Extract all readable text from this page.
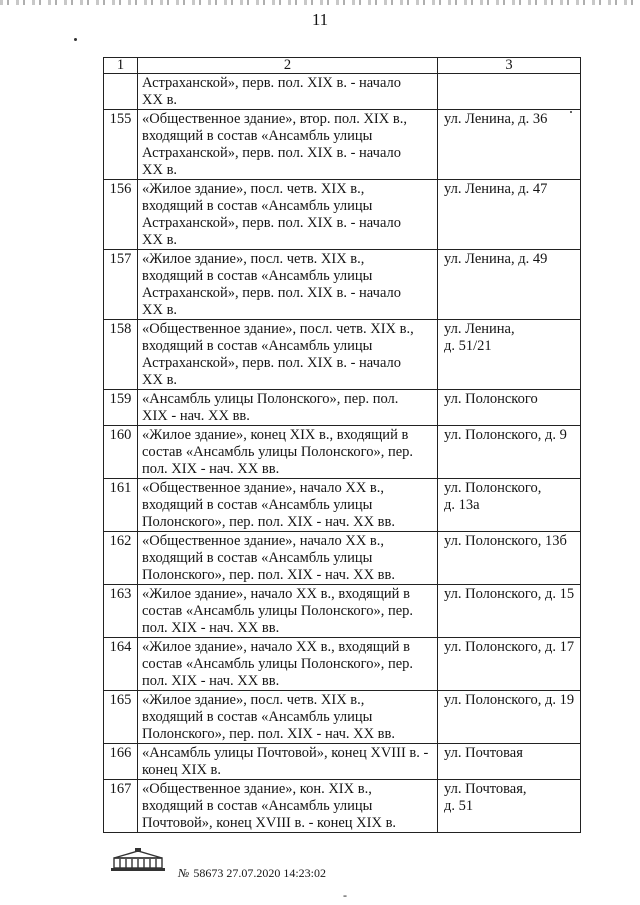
11
1	2	3
	Астраханской», перв. пол. XIX в. - начало
XX в.	
155	«Общественное здание», втор. пол. XIX в.,
входящий в состав «Ансамбль улицы
Астраханской», перв. пол. XIX в. - начало
XX в.	ул. Ленина, д. 36
156	«Жилое здание», посл. четв. XIX в.,
входящий в состав «Ансамбль улицы
Астраханской», перв. пол. XIX в. - начало
XX в.	ул. Ленина, д. 47
157	«Жилое здание», посл. четв. XIX в.,
входящий в состав «Ансамбль улицы
Астраханской», перв. пол. XIX в. - начало
XX в.	ул. Ленина, д. 49
158	«Общественное здание», посл. четв. XIX в.,
входящий в состав «Ансамбль улицы
Астраханской», перв. пол. XIX в. - начало
XX в.	ул. Ленина,
д. 51/21
159	«Ансамбль улицы Полонского», пер. пол.
XIX - нач. XX вв.	ул. Полонского
160	«Жилое здание», конец XIX в., входящий в
состав «Ансамбль улицы Полонского», пер.
пол. XIX - нач. XX вв.	ул. Полонского, д. 9
161	«Общественное здание», начало XX в.,
входящий в состав «Ансамбль улицы
Полонского», пер. пол. XIX - нач. XX вв.	ул. Полонского,
д. 13а
162	«Общественное здание», начало XX в.,
входящий в состав «Ансамбль улицы
Полонского», пер. пол. XIX - нач. XX вв.	ул. Полонского, 13б
163	«Жилое здание», начало XX в., входящий в
состав «Ансамбль улицы Полонского», пер.
пол. XIX - нач. XX вв.	ул. Полонского, д. 15
164	«Жилое здание», начало XX в., входящий в
состав «Ансамбль улицы Полонского», пер.
пол. XIX - нач. XX вв.	ул. Полонского, д. 17
165	«Жилое здание», посл. четв. XIX в.,
входящий в состав «Ансамбль улицы
Полонского», пер. пол. XIX - нач. XX вв.	ул. Полонского, д. 19
166	«Ансамбль улицы Почтовой», конец XVIII в. -
конец XIX в.	ул. Почтовая
167	«Общественное здание», кон. XIX в.,
входящий в состав «Ансамбль улицы
Почтовой», конец XVIII в. - конец XIX в.	ул. Почтовая,
д. 51
№ 58673 27.07.2020 14:23:02
-
